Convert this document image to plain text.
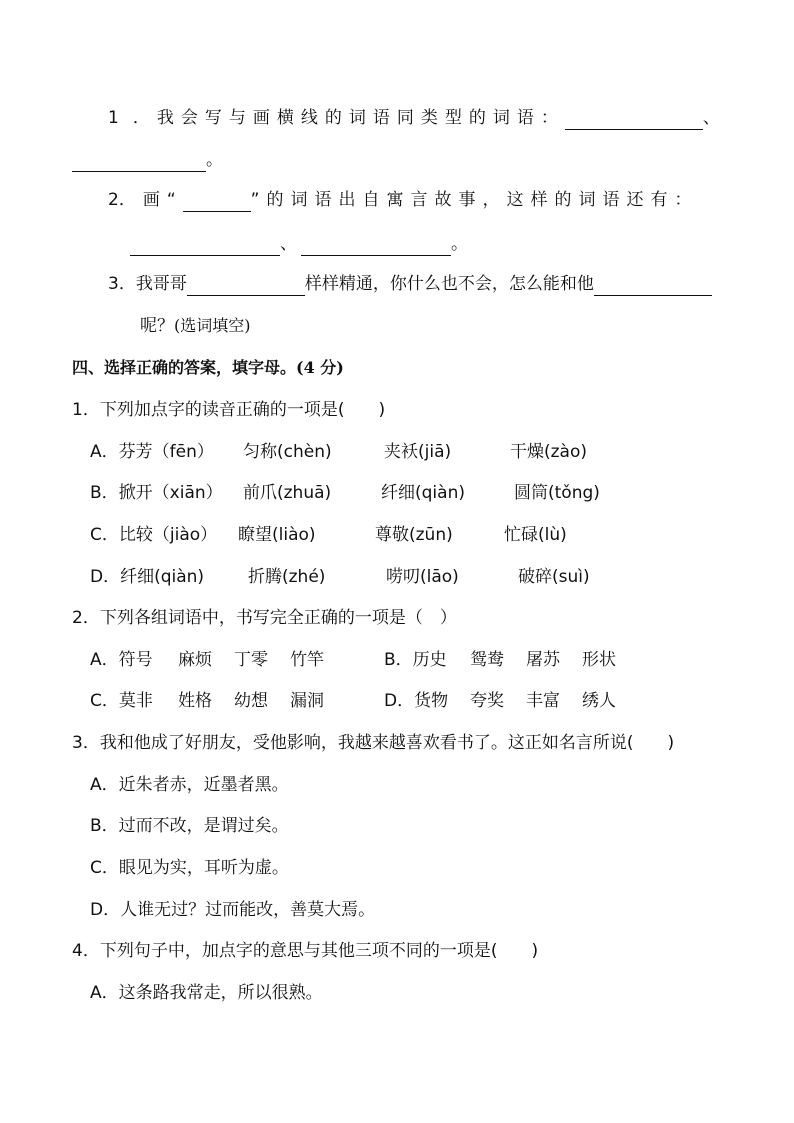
1 ．我会写与画横线的词语同类型的词语：	、
。
2．画“	”的词语出自寓言故事，这样的词语还有：
、	。
3．我哥哥	样样精通，你什么也不会，怎么能和他
呢？(选词填空)
四、选择正确的答案，填字母。(4 分)
1．下列加点字的读音正确的一项是(　　)
A．芬芳（fēn） 匀称(chèn)	夹袄(jiā)	干燥(zào)
B．掀开（xiān） 前爪(zhuā)	纤细(qiàn)	圆筒(tǒng)
C．比较（jiào） 瞭望(liào)	尊敬(zūn)	忙碌(lù)
D．纤细(qiàn)	折腾(zhé)	唠叨(lāo)	破碎(suì)
2．下列各组词语中，书写完全正确的一项是（　）
A．符号 麻烦 丁零 竹竿	B．历史 鸳鸯 屠苏 形状
C．莫非 姓格 幼想 漏洞	D．货物 夸奖 丰富 绣人
3．我和他成了好朋友，受他影响，我越来越喜欢看书了。这正如名言所说(　　)
A．近朱者赤，近墨者黑。
B．过而不改，是谓过矣。
C．眼见为实，耳听为虚。
D．人谁无过？过而能改，善莫大焉。
4．下列句子中，加点字的意思与其他三项不同的一项是(　　)
A．这条路我常走，所以很熟。
